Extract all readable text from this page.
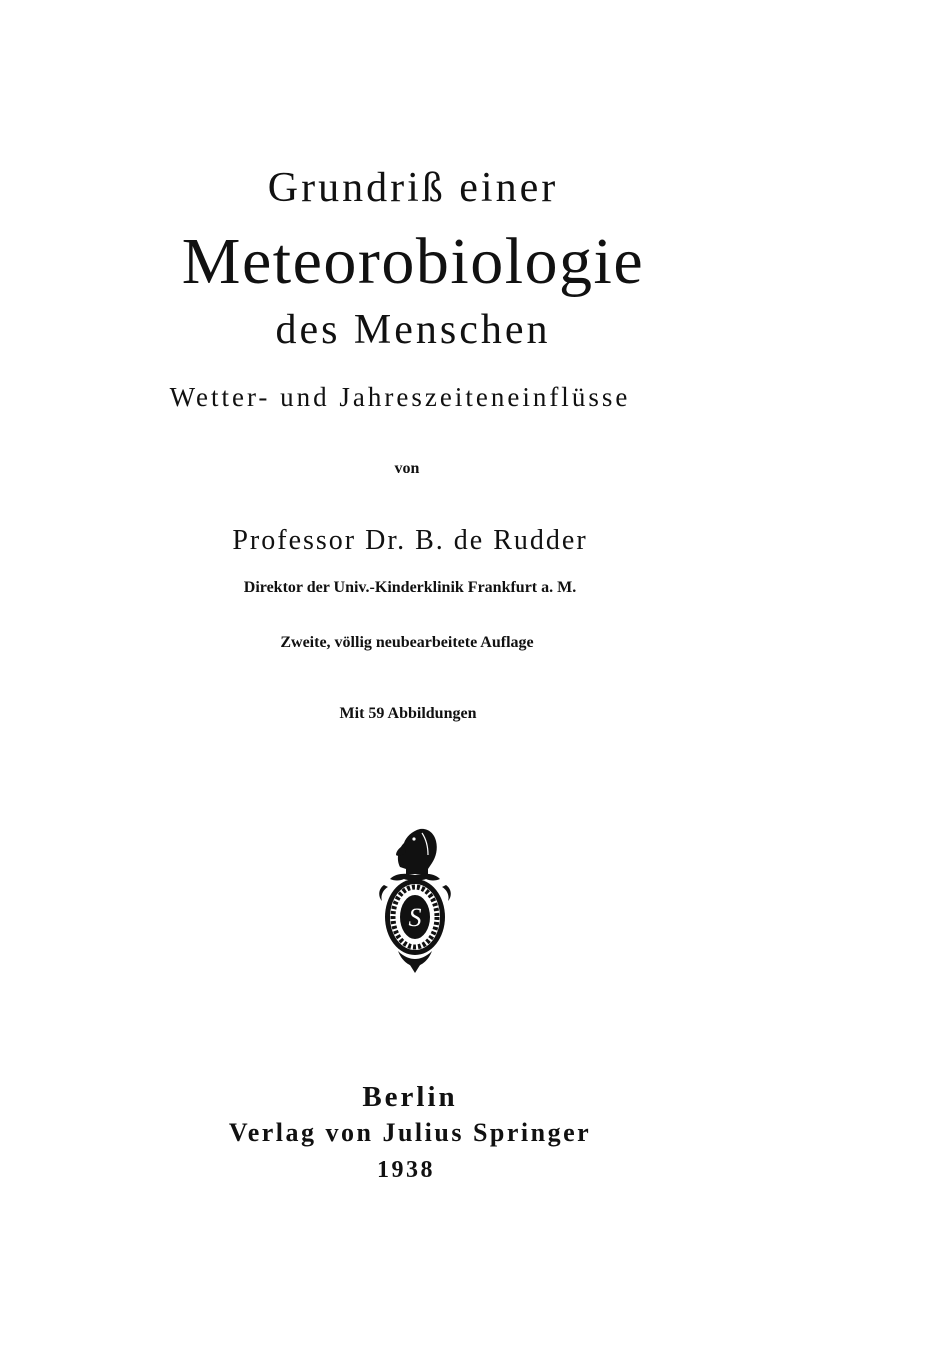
Grundriß einer
Meteorobiologie
des Menschen
Wetter- und Jahreszeiteneinflüsse
von
Professor Dr. B. de Rudder
Direktor der Univ.-Kinderklinik Frankfurt a. M.
Zweite, völlig neubearbeitete Auflage
Mit 59 Abbildungen
S
Berlin
Verlag von Julius Springer
1938
